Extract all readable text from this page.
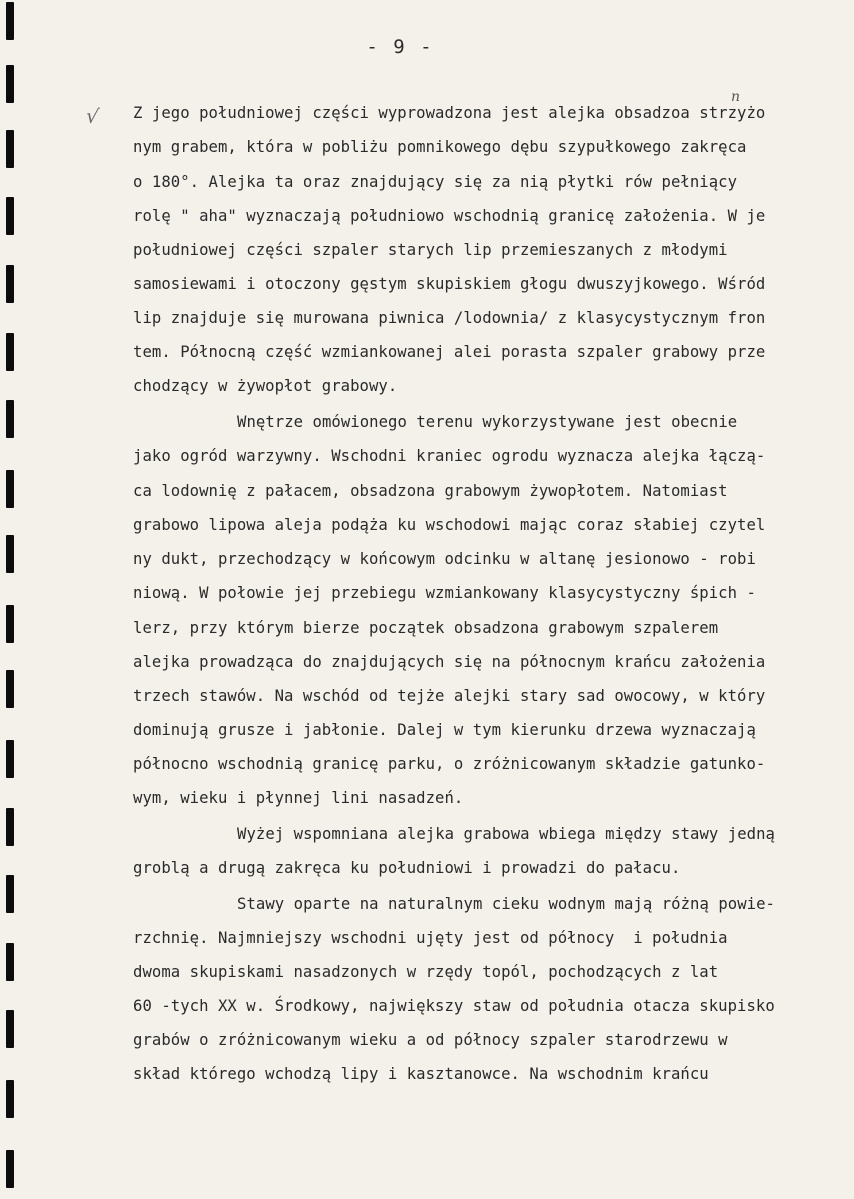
- 9 -
√
n
Z jego południowej części wyprowadzona jest alejka obsadzoa strzyżo
nym grabem, która w pobliżu pomnikowego dębu szypułkowego zakręca
o 180°. Alejka ta oraz znajdujący się za nią płytki rów pełniący
rolę " aha" wyznaczają południowo wschodnią granicę założenia. W je
południowej części szpaler starych lip przemieszanych z młodymi
samosiewami i otoczony gęstym skupiskiem głogu dwuszyjkowego. Wśród
lip znajduje się murowana piwnica /lodownia/ z klasycystycznym fron
tem. Północną część wzmiankowanej alei porasta szpaler grabowy prze
chodzący w żywopłot grabowy.
Wnętrze omówionego terenu wykorzystywane jest obecnie
jako ogród warzywny. Wschodni kraniec ogrodu wyznacza alejka łączą-
ca lodownię z pałacem, obsadzona grabowym żywopłotem. Natomiast
grabowo lipowa aleja podąża ku wschodowi mając coraz słabiej czytel
ny dukt, przechodzący w końcowym odcinku w altanę jesionowo - robi
niową. W połowie jej przebiegu wzmiankowany klasycystyczny śpich -
lerz, przy którym bierze początek obsadzona grabowym szpalerem
alejka prowadząca do znajdujących się na północnym krańcu założenia
trzech stawów. Na wschód od tejże alejki stary sad owocowy, w który
dominują grusze i jabłonie. Dalej w tym kierunku drzewa wyznaczają
północno wschodnią granicę parku, o zróżnicowanym składzie gatunko-
wym, wieku i płynnej lini nasadzeń.
Wyżej wspomniana alejka grabowa wbiega między stawy jedną
groblą a drugą zakręca ku południowi i prowadzi do pałacu.
Stawy oparte na naturalnym cieku wodnym mają różną powie-
rzchnię. Najmniejszy wschodni ujęty jest od północy  i południa
dwoma skupiskami nasadzonych w rzędy topól, pochodzących z lat
60 -tych XX w. Środkowy, największy staw od południa otacza skupisko
grabów o zróżnicowanym wieku a od północy szpaler starodrzewu w
skład którego wchodzą lipy i kasztanowce. Na wschodnim krańcu
